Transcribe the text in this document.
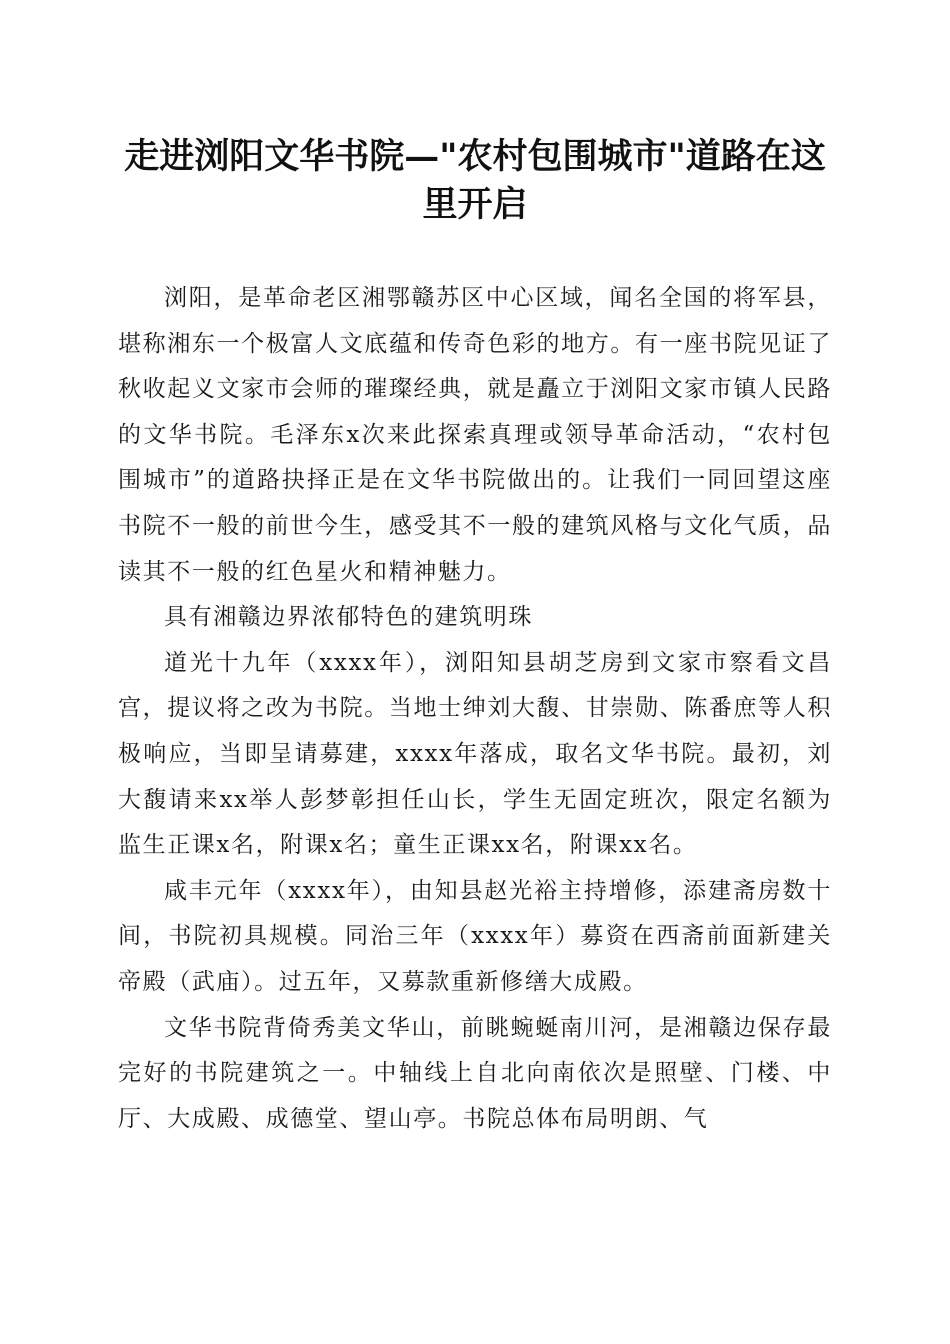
走进浏阳文华书院—"农村包围城市"道路在这里开启

浏阳，是革命老区湘鄂赣苏区中心区域，闻名全国的将军县，堪称湘东一个极富人文底蕴和传奇色彩的地方。有一座书院见证了秋收起义文家市会师的璀璨经典，就是矗立于浏阳文家市镇人民路的文华书院。毛泽东x次来此探索真理或领导革命活动，“农村包围城市”的道路抉择正是在文华书院做出的。让我们一同回望这座书院不一般的前世今生，感受其不一般的建筑风格与文化气质，品读其不一般的红色星火和精神魅力。

具有湘赣边界浓郁特色的建筑明珠

道光十九年（xxxx年），浏阳知县胡芝房到文家市察看文昌宫，提议将之改为书院。当地士绅刘大馥、甘崇勋、陈番庶等人积极响应，当即呈请募建，xxxx年落成，取名文华书院。最初，刘大馥请来xx举人彭梦彰担任山长，学生无固定班次，限定名额为监生正课x名，附课x名；童生正课xx名，附课xx名。

咸丰元年（xxxx年），由知县赵光裕主持增修，添建斋房数十间，书院初具规模。同治三年（xxxx年）募资在西斋前面新建关帝殿（武庙）。过五年，又募款重新修缮大成殿。

文华书院背倚秀美文华山，前眺蜿蜒南川河，是湘赣边保存最完好的书院建筑之一。中轴线上自北向南依次是照壁、门楼、中厅、大成殿、成德堂、望山亭。书院总体布局明朗、气
